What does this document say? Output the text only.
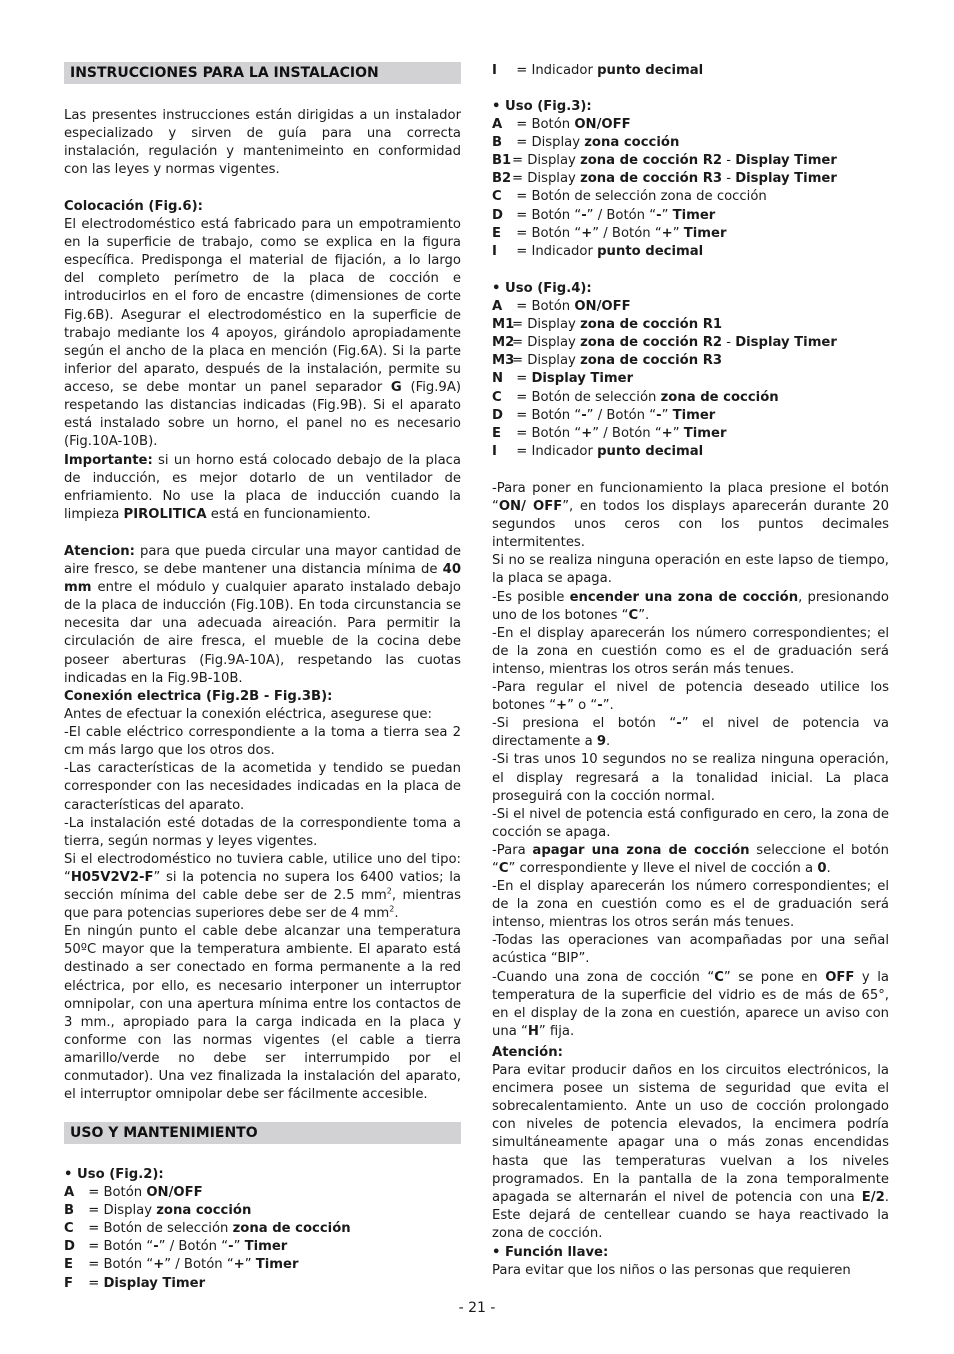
INSTRUCCIONES PARA LA INSTALACION
Las presentes instrucciones están dirigidas a un instalador especializado y sirven de guía para una correcta instalación, regulación y mantenimeinto en conformidad con las leyes y normas vigentes.
Colocación (Fig.6):
El electrodoméstico está fabricado para un empotramiento en la superficie de trabajo, como se explica en la figura específica. Predisponga el material de fijación, a lo largo del completo perímetro de la placa de cocción e introducirlos en el foro de encastre (dimensiones de corte Fig.6B). Asegurar el electrodoméstico en la superficie de trabajo mediante los 4 apoyos, girándolo apropiadamente según el ancho de la placa en mención (Fig.6A). Si la parte inferior del aparato, después de la instalación, permite su acceso, se debe montar un panel separador G (Fig.9A) respetando las distancias indicadas (Fig.9B). Si el aparato está instalado sobre un horno, el panel no es necesario (Fig.10A-10B).
Importante: si un horno está colocado debajo de la placa de inducción, es mejor dotarlo de un ventilador de enfriamiento. No use la placa de inducción cuando la limpieza PIROLITICA está en funcionamiento.
Atencion: para que pueda circular una mayor cantidad de aire fresco, se debe mantener una distancia mínima de 40 mm entre el módulo y cualquier aparato instalado debajo de la placa de inducción (Fig.10B). En toda circunstancia se necesita dar una adecuada aireación. Para permitir la circulación de aire fresca, el mueble de la cocina debe poseer aberturas (Fig.9A-10A), respetando las cuotas indicadas en la Fig.9B-10B.
Conexión electrica (Fig.2B - Fig.3B):
Antes de efectuar la conexión eléctrica, asegurese que:
-El cable eléctrico correspondiente a la toma a tierra sea 2 cm más largo que los otros dos.
-Las características de la acometida y tendido se puedan corresponder con las necesidades indicadas en la placa de características del aparato.
-La instalación esté dotadas de la correspondiente toma a tierra, según normas y leyes vigentes.
Si el electrodoméstico no tuviera cable, utilice uno del tipo: “H05V2V2-F” si la potencia no supera los 6400 vatios; la sección mínima del cable debe ser de 2.5 $mm^2$, mientras que para potencias superiores debe ser de 4 $mm^2$.
En ningún punto el cable debe alcanzar una temperatura 50ºC mayor que la temperatura ambiente. El aparato está destinado a ser conectado en forma permanente a la red eléctrica, por ello, es necesario interponer un interruptor omnipolar, con una apertura mínima entre los contactos de 3 mm., apropiado para la carga indicada en la placa y conforme con las normas vigentes (el cable a tierra amarillo/verde no debe ser interrumpido por el conmutador). Una vez finalizada la instalación del aparato, el interruptor omnipolar debe ser fácilmente accesible.
USO Y MANTENIMIENTO
• Uso (Fig.2):
A = Botón ON/OFF
B = Display zona cocción
C = Botón de selección zona de cocción
D = Botón “ - ” / Botón “ - ” Timer
E = Botón “ + ” / Botón “ + ” Timer
F = Display Timer
I	= Indicador punto decimal
• Uso (Fig.3):
A = Botón ON/OFF
B = Display zona cocción
B1 = Display zona de cocción R2 - Display Timer
B2 = Display zona de cocción R3 - Display Timer
C = Botón de selección zona de cocción
D = Botón “ - ” / Botón “ - ” Timer
E = Botón “ + ” / Botón “ + ” Timer
I	= Indicador punto decimal
• Uso (Fig.4):
A = Botón ON/OFF
M1
= Display zona de cocción R1
M2
= Display zona de cocción R2 - Display Timer
M3
= Display zona de cocción R3
N = Display Timer
C = Botón de selección zona de cocción
D = Botón “ - ” / Botón “ - ” Timer
E = Botón “ + ” / Botón “ + ” Timer
I	= Indicador punto decimal
-Para poner en funcionamiento la placa presione el botón “ON/ OFF”, en todos los displays aparecerán durante 20 segundos unos ceros con los puntos decimales intermitentes.
Si no se realiza ninguna operación en este lapso de tiempo, la placa se apaga.
-Es posible encender una zona de cocción, presionando uno de los botones “C”.
-En el display aparecerán los número correspondientes; el de la zona en cuestión como es el de graduación será intenso, mientras los otros serán más tenues.
-Para regular el nivel de potencia deseado utilice los botones “+” o “-”.
-Si presiona el botón “-” el nivel de potencia va directamente a 9.
-Si tras unos 10 segundos no se realiza ninguna operación, el display regresará a la tonalidad inicial. La placa proseguirá con la cocción normal.
-Si el nivel de potencia está configurado en cero, la zona de cocción se apaga.
-Para apagar una zona de cocción seleccione el botón “C” correspondiente y lleve el nivel de cocción a 0.
-En el display aparecerán los número correspondientes; el de la zona en cuestión como es el de graduación será intenso, mientras los otros serán más tenues.
-Todas las operaciones van acompañadas por una señal acústica “BIP”.
-Cuando una zona de cocción “C” se pone en OFF y la temperatura de la superficie del vidrio es de más de 65°, en el display de la zona en cuestión, aparece un aviso con una “H” fija.
Atención:
Para evitar producir daños en los circuitos electrónicos, la encimera posee un sistema de seguridad que evita el sobrecalentamiento. Ante un uso de cocción prolongado con niveles de potencia elevados, la encimera podría simultáneamente apagar una o más zonas encendidas hasta que las temperaturas vuelvan a los niveles programados. En la pantalla de la zona temporalmente apagada se alternarán el nivel de potencia con una E/2. Este dejará de centellear cuando se haya reactivado la zona de cocción.
• Función llave:
Para evitar que los niños o las personas que requieren
- 21 -
